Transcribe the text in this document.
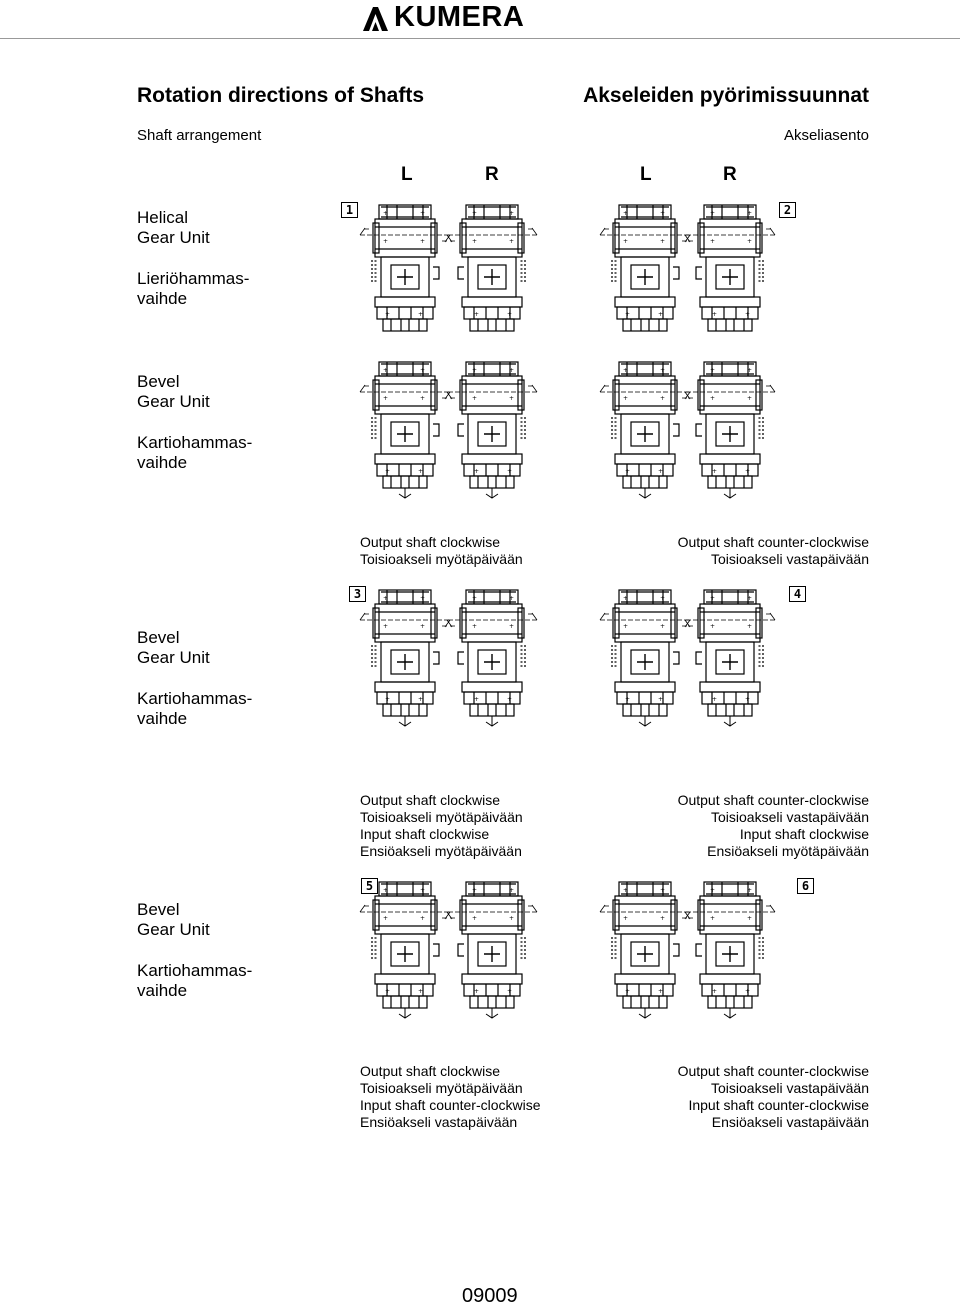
KUMERA
Rotation directions of Shafts	Akseleiden pyörimissuunnat
Shaft arrangement	Akseliasento
L	R	L	R
Helical
Gear Unit
Lieriöhammas-
vaihde
1	2
Bevel
Gear Unit
Kartiohammas-
vaihde
Output shaft clockwise
Toisioakseli myötäpäivään
Output shaft counter-clockwise
Toisioakseli vastapäivään
3	4
Bevel
Gear Unit
Kartiohammas-
vaihde
Output shaft clockwise
Toisioakseli myötäpäivään
Input shaft clockwise
Ensiöakseli myötäpäivään
Output shaft counter-clockwise
Toisioakseli vastapäivään
Input shaft clockwise
Ensiöakseli myötäpäivään
5	6
Bevel
Gear Unit
Kartiohammas-
vaihde
Output shaft clockwise
Toisioakseli myötäpäivään
Input shaft counter-clockwise
Ensiöakseli vastapäivään
Output shaft counter-clockwise
Toisioakseli vastapäivään
Input shaft counter-clockwise
Ensiöakseli vastapäivään
09009
